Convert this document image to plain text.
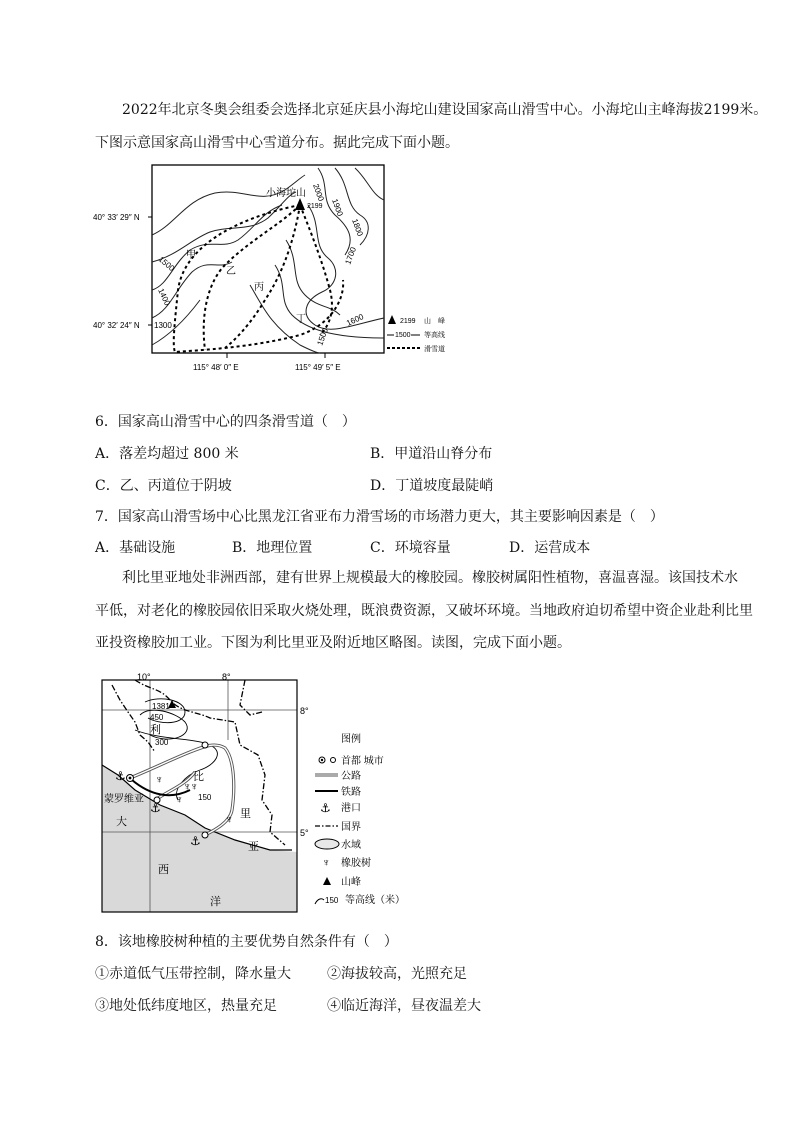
2022年北京冬奥会组委会选择北京延庆县小海坨山建设国家高山滑雪中心。小海坨山主峰海拔2199米。
下图示意国家高山滑雪中心雪道分布。据此完成下面小题。
小海坨山
2199
甲
乙
丙
丁
2000
1900
1800
1700
1600
1500
1500
1400
1300
40° 33′ 29″ N
40° 32′ 24″ N
115° 48′ 0″ E	115° 49′ 5″ E
2199 山　峰
1500 等高线
滑雪道
6．国家高山滑雪中心的四条滑雪道（　）
A．落差均超过 800 米	B．甲道沿山脊分布
C．乙、丙道位于阴坡	D．丁道坡度最陡峭
7．国家高山滑雪场中心比黑龙江省亚布力滑雪场的市场潜力更大，其主要影响因素是（　）
A．基础设施	B．地理位置	C．环境容量	D．运营成本
利比里亚地处非洲西部，建有世界上规模最大的橡胶园。橡胶树属阳性植物，喜温喜湿。该国技术水
平低，对老化的橡胶园依旧采取火烧处理，既浪费资源，又破坏环境。当地政府迫切希望中资企业赴利比里
亚投资橡胶加工业。下图为利比里亚及附近地区略图。读图，完成下面小题。
⚓
⚓
⚓
♆
♆
♆
♆
♆
10°	8°
8°
5°
1381
450
300
150
蒙罗维亚
利
比
里
亚
大
西
洋
图例
首都 城市
公路
铁路
⚓ 港口
国界
水域
♆ 橡胶树
山峰
150 等高线（米）
8．该地橡胶树种植的主要优势自然条件有（　）
①赤道低气压带控制，降水量大	②海拔较高，光照充足
③地处低纬度地区，热量充足	④临近海洋，昼夜温差大
